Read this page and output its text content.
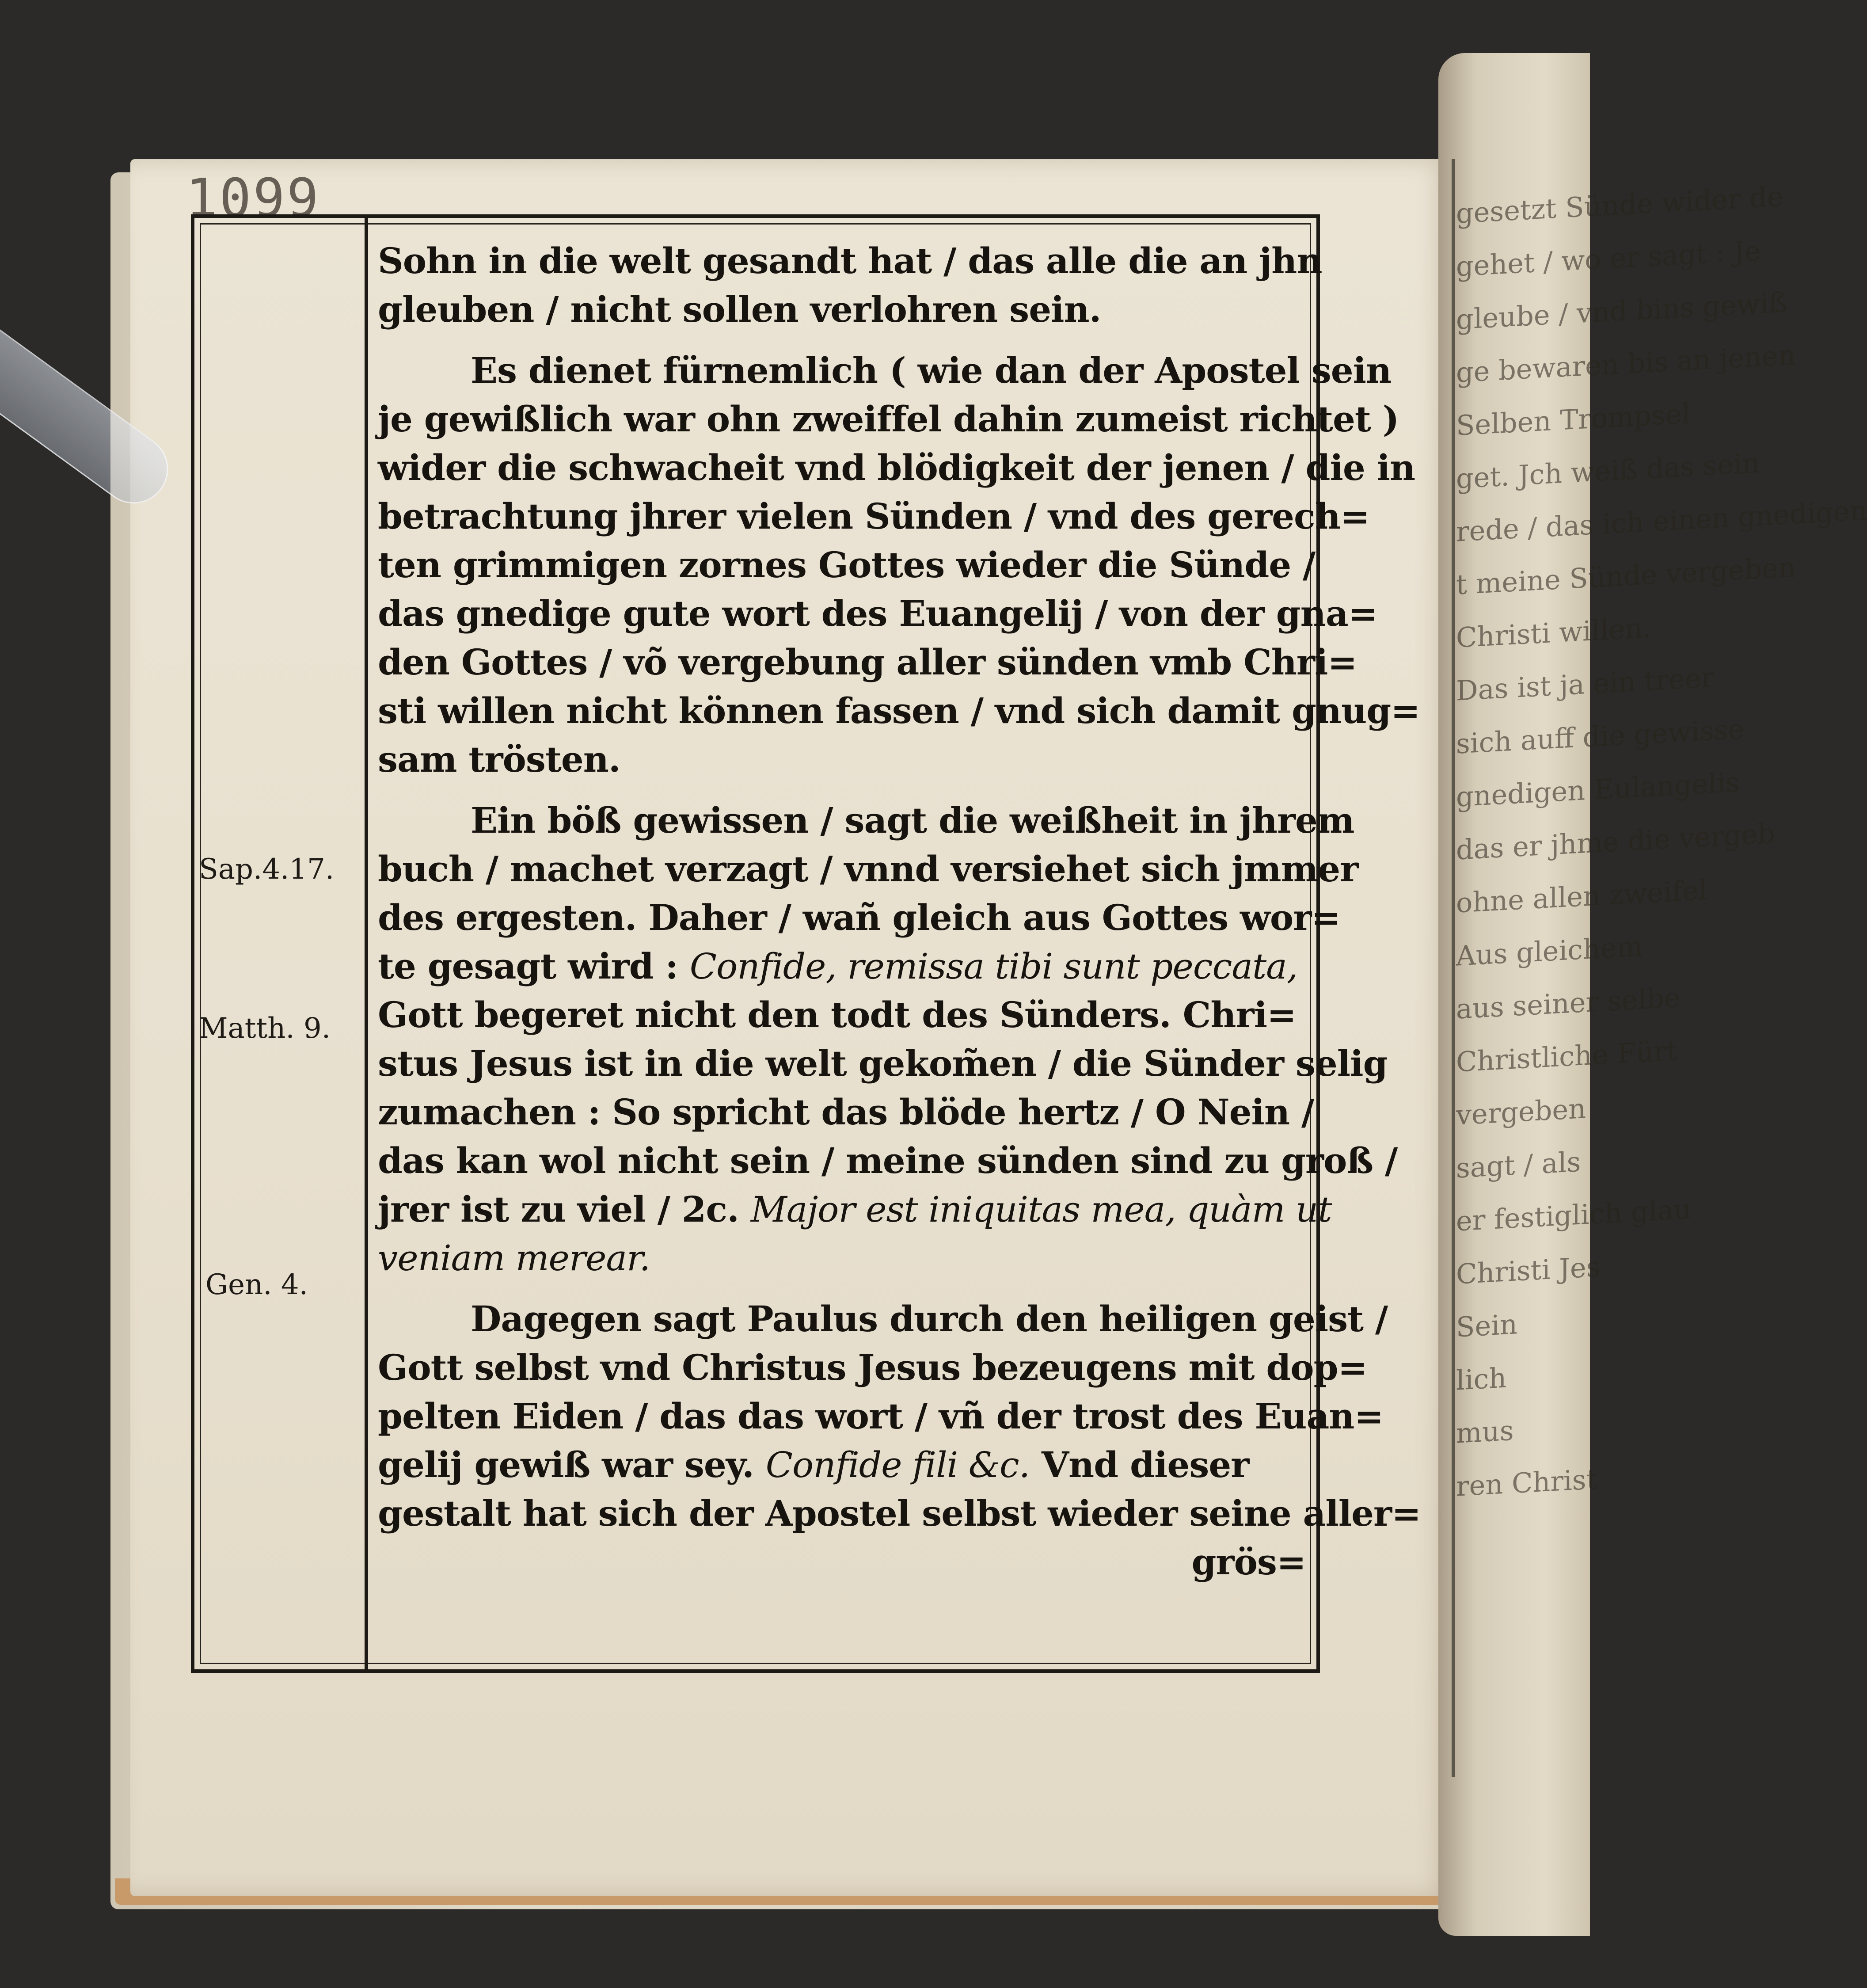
gesetzt Sünde wider de
gehet / wo er sagt : Je
gleube / vnd bins gewiß
ge bewaren bis an jenen
Selben Trompsel
get. Jch weiß das sein
rede / das ich einen gnedigen
t meine Sünde vergeben
Christi willen.
Das ist ja ein treer
sich auff die gewisse
gnedigen Eulangelis
das er jhme die vergeb
ohne allen zweifel
Aus gleichem
aus seiner selbe
Christliche Fürt
vergeben
sagt / als
er festiglich glau
Christi Jes
Sein
lich
mus
ren Christ
1099
Sap.4.17.
Matth. 9.
Gen. 4.
Sohn in die welt gesandt hat / das alle die an jhn
gleuben / nicht sollen verlohren sein.
Es dienet fürnemlich ( wie dan der Apostel sein
je gewißlich war ohn zweiffel dahin zumeist richtet )
wider die schwacheit vnd blödigkeit der jenen / die in
betrachtung jhrer vielen Sünden / vnd des gerech=
ten grimmigen zornes Gottes wieder die Sünde /
das gnedige gute wort des Euangelij / von der gna=
den Gottes / võ vergebung aller sünden vmb Chri=
sti willen nicht können fassen / vnd sich damit gnug=
sam trösten.
Ein böß gewissen / sagt die weißheit in jhrem
buch / machet verzagt / vnnd versiehet sich jmmer
des ergesten. Daher / wañ gleich aus Gottes wor=
te gesagt wird : Confide, remissa tibi sunt peccata,
Gott begeret nicht den todt des Sünders. Chri=
stus Jesus ist in die welt gekom̃en / die Sünder selig
zumachen : So spricht das blöde hertz / O Nein /
das kan wol nicht sein / meine sünden sind zu groß /
jrer ist zu viel / 2c. Major est iniquitas mea, quàm ut
veniam merear.
Dagegen sagt Paulus durch den heiligen geist /
Gott selbst vnd Christus Jesus bezeugens mit dop=
pelten Eiden / das das wort / vñ der trost des Euan=
gelij gewiß war sey. Confide fili &c. Vnd dieser
gestalt hat sich der Apostel selbst wieder seine aller=
grös=
